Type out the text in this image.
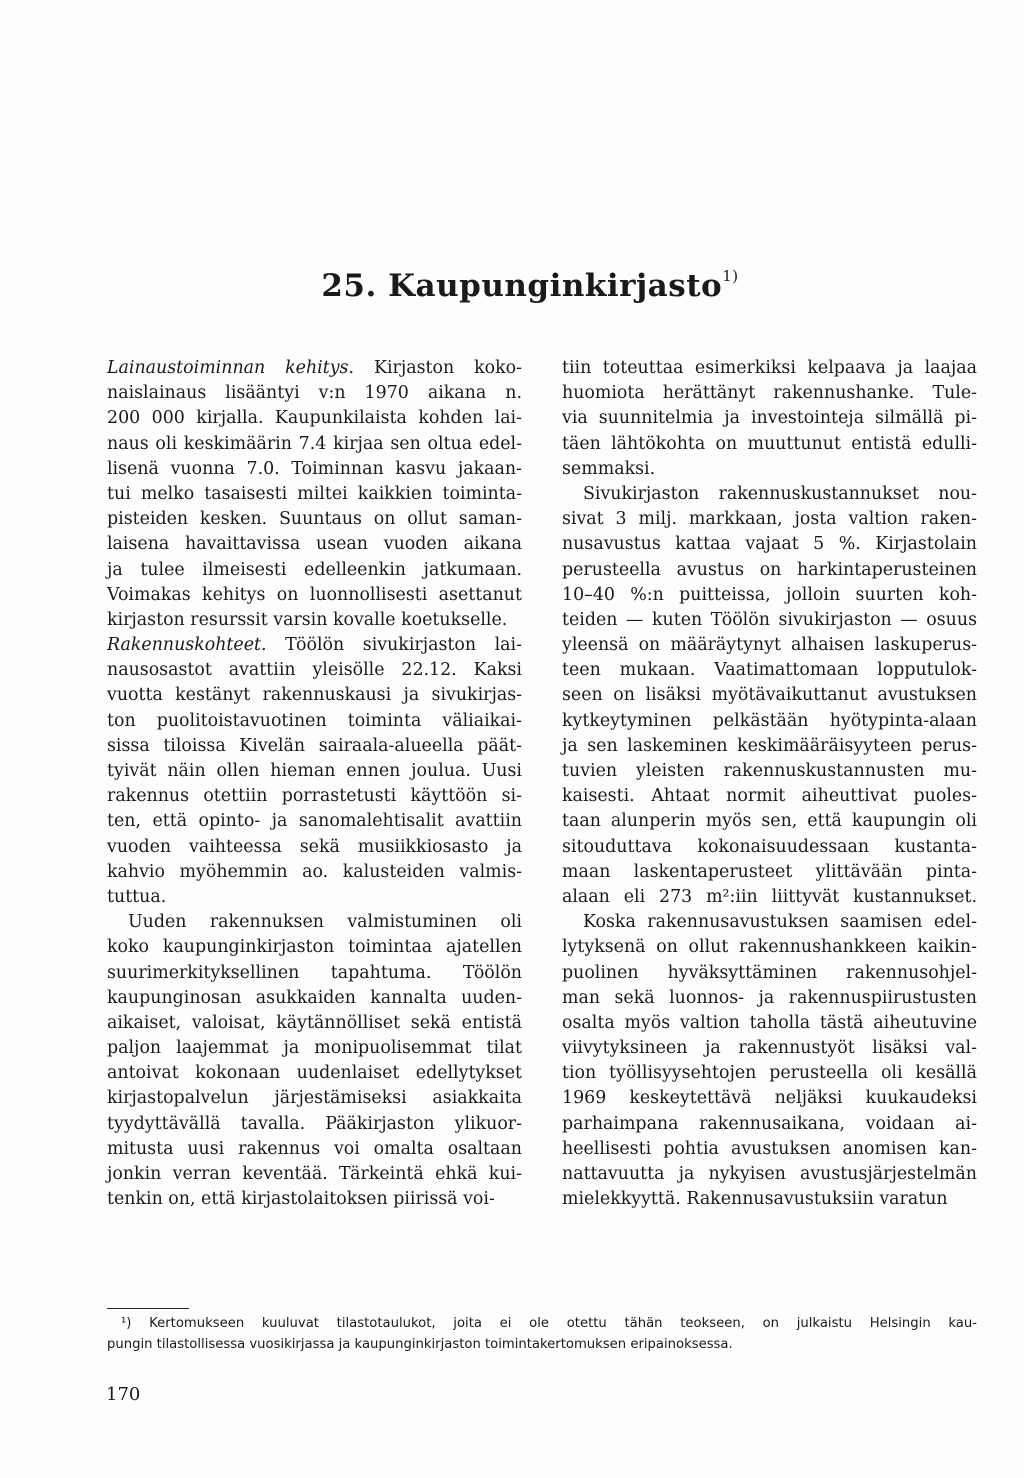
25. Kaupunginkirjasto$^{1)}$
Lainaustoiminnan kehitys. Kirjaston koko-
naislainaus lisääntyi v:n 1970 aikana n.
200 000 kirjalla. Kaupunkilaista kohden lai-
naus oli keskimäärin 7.4 kirjaa sen oltua edel-
lisenä vuonna 7.0. Toiminnan kasvu jakaan-
tui melko tasaisesti miltei kaikkien toiminta-
pisteiden kesken. Suuntaus on ollut saman-
laisena havaittavissa usean vuoden aikana
ja tulee ilmeisesti edelleenkin jatkumaan.
Voimakas kehitys on luonnollisesti asettanut
kirjaston resurssit varsin kovalle koetukselle.
Rakennuskohteet. Töölön sivukirjaston lai-
nausosastot avattiin yleisölle 22.12. Kaksi
vuotta kestänyt rakennuskausi ja sivukirjas-
ton puolitoistavuotinen toiminta väliaikai-
sissa tiloissa Kivelän sairaala-alueella päät-
tyivät näin ollen hieman ennen joulua. Uusi
rakennus otettiin porrastetusti käyttöön si-
ten, että opinto- ja sanomalehtisalit avattiin
vuoden vaihteessa sekä musiikkiosasto ja
kahvio myöhemmin ao. kalusteiden valmis-
tuttua.
Uuden rakennuksen valmistuminen oli
koko kaupunginkirjaston toimintaa ajatellen
suurimerkityksellinen tapahtuma. Töölön
kaupunginosan asukkaiden kannalta uuden-
aikaiset, valoisat, käytännölliset sekä entistä
paljon laajemmat ja monipuolisemmat tilat
antoivat kokonaan uudenlaiset edellytykset
kirjastopalvelun järjestämiseksi asiakkaita
tyydyttävällä tavalla. Pääkirjaston ylikuor-
mitusta uusi rakennus voi omalta osaltaan
jonkin verran keventää. Tärkeintä ehkä kui-
tenkin on, että kirjastolaitoksen piirissä voi-
tiin toteuttaa esimerkiksi kelpaava ja laajaa
huomiota herättänyt rakennushanke. Tule-
via suunnitelmia ja investointeja silmällä pi-
täen lähtökohta on muuttunut entistä edulli-
semmaksi.
Sivukirjaston rakennuskustannukset nou-
sivat 3 milj. markkaan, josta valtion raken-
nusavustus kattaa vajaat 5 %. Kirjastolain
perusteella avustus on harkintaperusteinen
10–40 %:n puitteissa, jolloin suurten koh-
teiden — kuten Töölön sivukirjaston — osuus
yleensä on määräytynyt alhaisen laskuperus-
teen mukaan. Vaatimattomaan lopputulok-
seen on lisäksi myötävaikuttanut avustuksen
kytkeytyminen pelkästään hyötypinta-alaan
ja sen laskeminen keskimääräisyyteen perus-
tuvien yleisten rakennuskustannusten mu-
kaisesti. Ahtaat normit aiheuttivat puoles-
taan alunperin myös sen, että kaupungin oli
sitouduttava kokonaisuudessaan kustanta-
maan laskentaperusteet ylittävään pinta-
alaan eli 273 m²:iin liittyvät kustannukset.
Koska rakennusavustuksen saamisen edel-
lytyksenä on ollut rakennushankkeen kaikin-
puolinen hyväksyttäminen rakennusohjel-
man sekä luonnos- ja rakennuspiirustusten
osalta myös valtion taholla tästä aiheutuvine
viivytyksineen ja rakennustyöt lisäksi val-
tion työllisyysehtojen perusteella oli kesällä
1969 keskeytettävä neljäksi kuukaudeksi
parhaimpana rakennusaikana, voidaan ai-
heellisesti pohtia avustuksen anomisen kan-
nattavuutta ja nykyisen avustusjärjestelmän
mielekkyyttä. Rakennusavustuksiin varatun
¹) Kertomukseen kuuluvat tilastotaulukot, joita ei ole otettu tähän teokseen, on julkaistu Helsingin kau-
pungin tilastollisessa vuosikirjassa ja kaupunginkirjaston toimintakertomuksen eripainoksessa.
170
